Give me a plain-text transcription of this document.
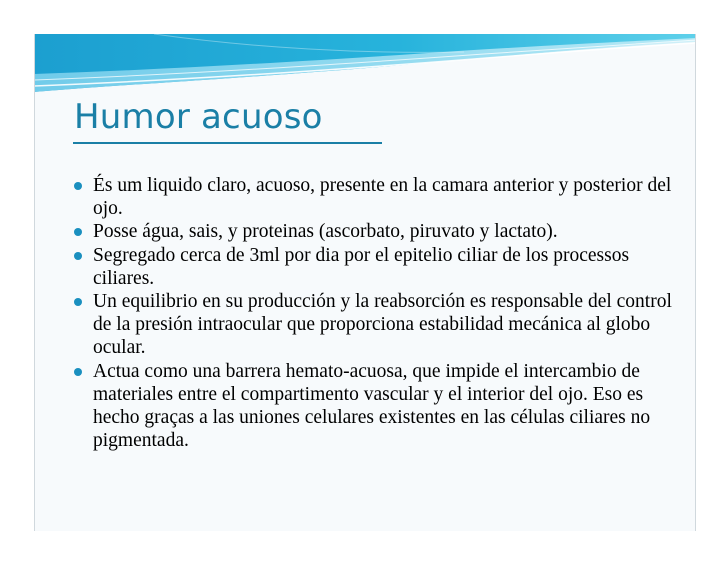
Humor acuoso
És um liquido claro, acuoso, presente en la camara anterior y posterior del ojo.
Posse água, sais, y proteinas (ascorbato, piruvato y lactato).
Segregado cerca de 3ml por dia por el epitelio ciliar de los processos ciliares.
Un equilibrio en su producción y la reabsorción es responsable del control de la presión intraocular que proporciona estabilidad mecánica al globo ocular.
Actua como una barrera hemato-acuosa, que impide el intercambio de materiales entre el compartimento vascular y el interior del ojo. Eso es hecho graças a las uniones celulares existentes en las células ciliares no pigmentada.
